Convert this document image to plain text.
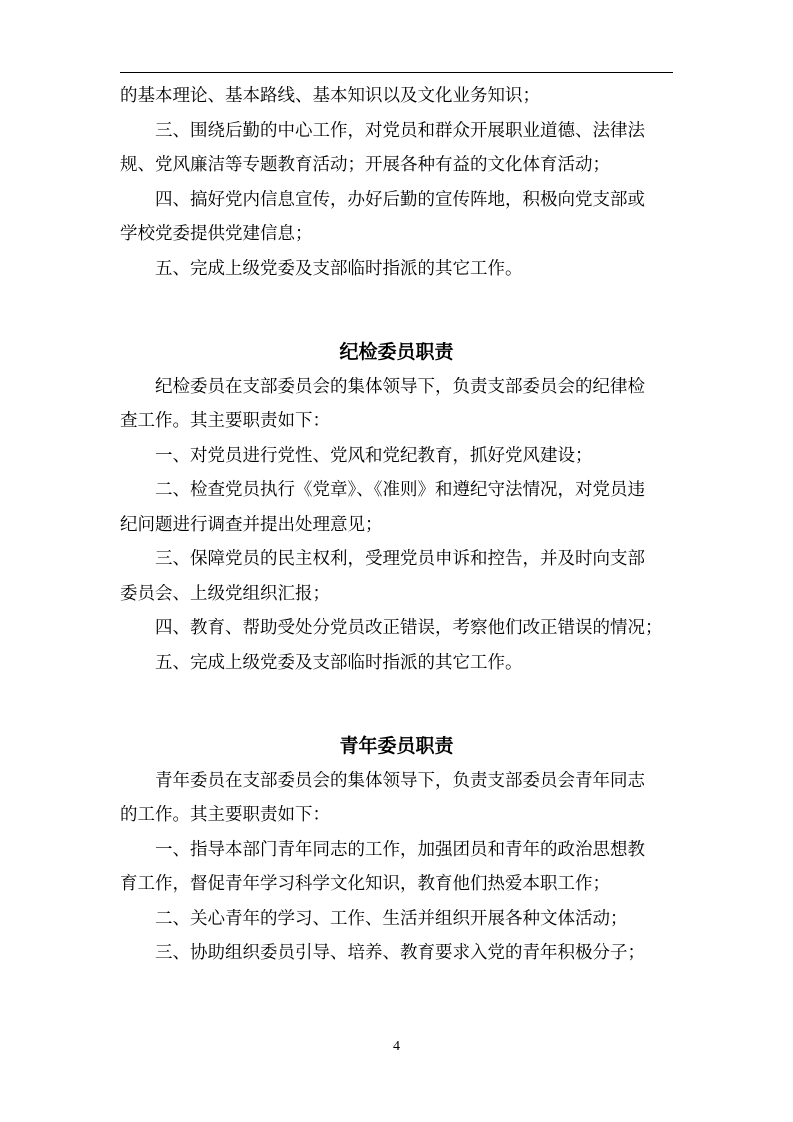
的基本理论、基本路线、基本知识以及文化业务知识；

三、围绕后勤的中心工作，对党员和群众开展职业道德、法律法

规、党风廉洁等专题教育活动；开展各种有益的文化体育活动；

四、搞好党内信息宣传，办好后勤的宣传阵地，积极向党支部或

学校党委提供党建信息；

五、完成上级党委及支部临时指派的其它工作。

纪检委员职责

纪检委员在支部委员会的集体领导下，负责支部委员会的纪律检

查工作。其主要职责如下：

一、对党员进行党性、党风和党纪教育，抓好党风建设；

二、检查党员执行《党章》、《准则》和遵纪守法情况，对党员违

纪问题进行调查并提出处理意见；

三、保障党员的民主权利，受理党员申诉和控告，并及时向支部

委员会、上级党组织汇报；

四、教育、帮助受处分党员改正错误，考察他们改正错误的情况；

五、完成上级党委及支部临时指派的其它工作。

青年委员职责

青年委员在支部委员会的集体领导下，负责支部委员会青年同志

的工作。其主要职责如下：

一、指导本部门青年同志的工作，加强团员和青年的政治思想教

育工作，督促青年学习科学文化知识，教育他们热爱本职工作；

二、关心青年的学习、工作、生活并组织开展各种文体活动；

三、协助组织委员引导、培养、教育要求入党的青年积极分子；

4
